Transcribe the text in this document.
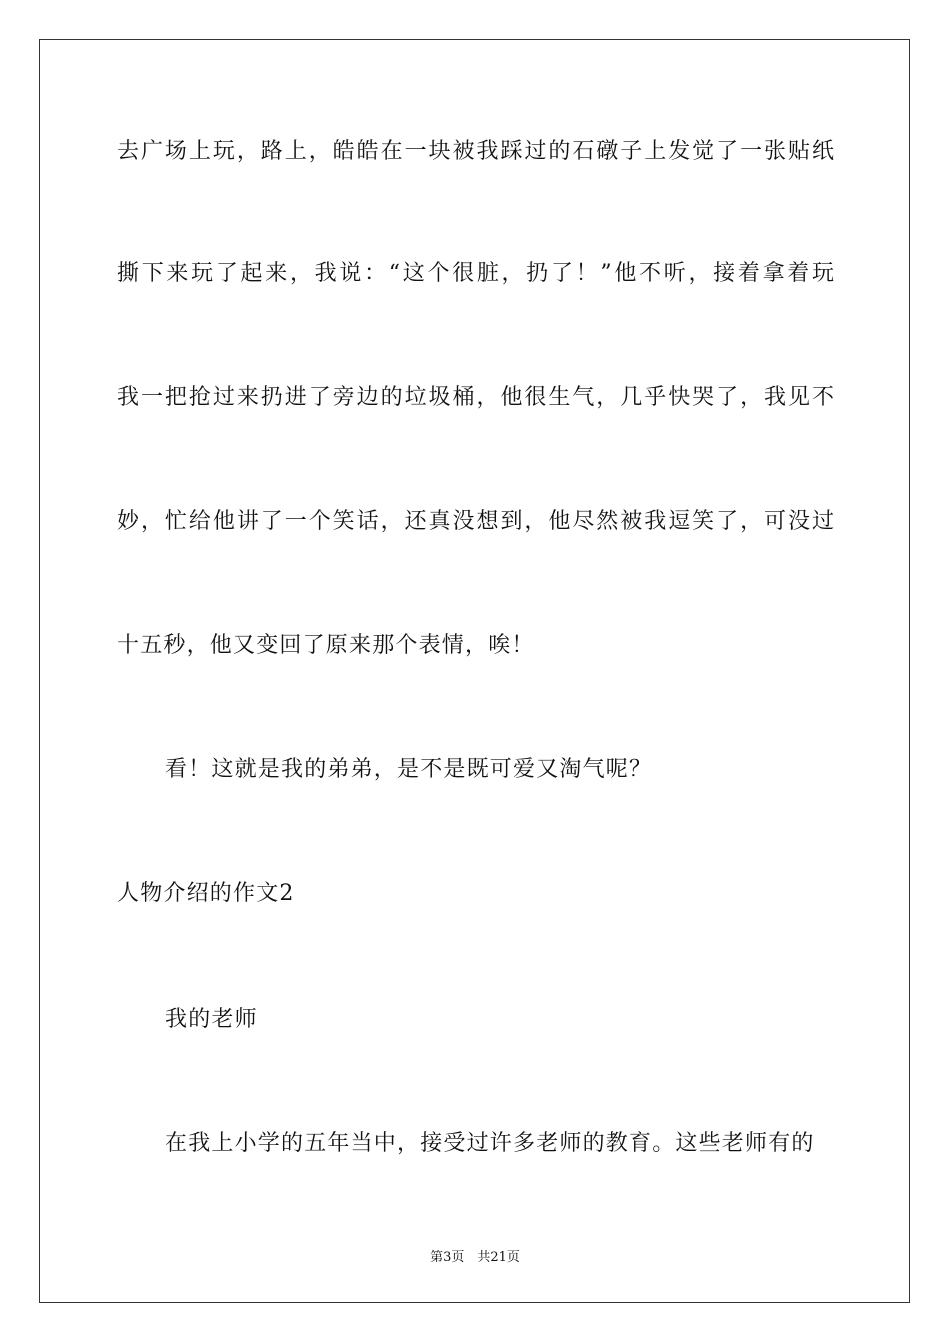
去广场上玩，路上，皓皓在一块被我踩过的石礅子上发觉了一张贴纸
撕下来玩了起来，我说：“这个很脏，扔了！”他不听，接着拿着玩
我一把抢过来扔进了旁边的垃圾桶，他很生气，几乎快哭了，我见不
妙，忙给他讲了一个笑话，还真没想到，他尽然被我逗笑了，可没过
十五秒，他又变回了原来那个表情，唉！
看！这就是我的弟弟，是不是既可爱又淘气呢？
人物介绍的作文2
我的老师
在我上小学的五年当中，接受过许多老师的教育。这些老师有的
第3页　共21页
